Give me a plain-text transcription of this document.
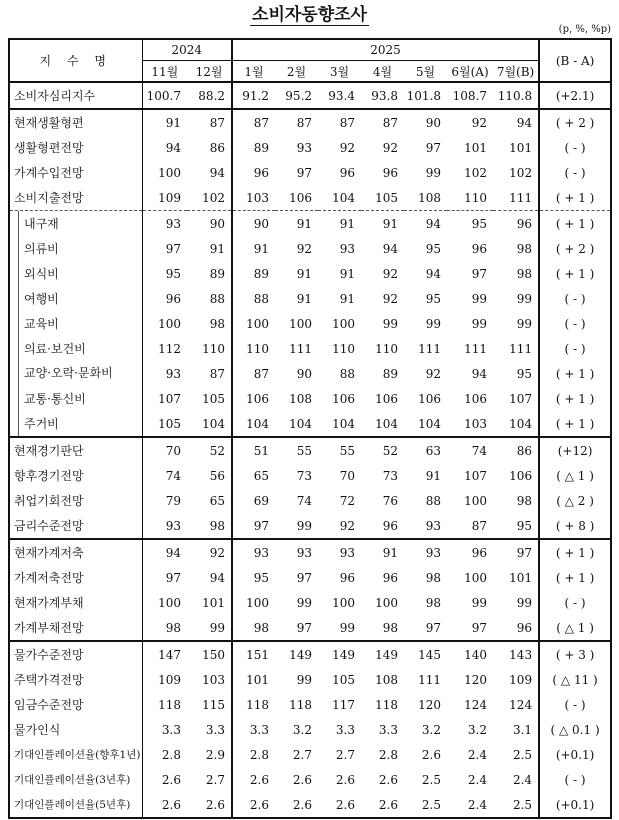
소비자동향조사
(p, %, %p)
지 수 명	2024		2025							(B - A)
	11월	12월	1월	2월	3월	4월	5월	6월(A)	7월(B)	
소비자심리지수	100.7	88.2	91.2	95.2	93.4	93.8	101.8	108.7	110.8	(+2.1)
현재생활형편	91	87	87	87	87	87	90	92	94	( + 2 )
생활형편전망	94	86	89	93	92	92	97	101	101	( - )
가계수입전망	100	94	96	97	96	96	99	102	102	( - )
소비지출전망	109	102	103	106	104	105	108	110	111	( + 1 )
내구재	93	90	90	91	91	91	94	95	96	( + 1 )
의류비	97	91	91	92	93	94	95	96	98	( + 2 )
외식비	95	89	89	91	91	92	94	97	98	( + 1 )
여행비	96	88	88	91	91	92	95	99	99	( - )
교육비	100	98	100	100	100	99	99	99	99	( - )
의료·보건비	112	110	110	111	110	110	111	111	111	( - )
교양·오락·문화비	93	87	87	90	88	89	92	94	95	( + 1 )
교통·통신비	107	105	106	108	106	106	106	106	107	( + 1 )
주거비	105	104	104	104	104	104	104	103	104	( + 1 )
현재경기판단	70	52	51	55	55	52	63	74	86	(+12)
향후경기전망	74	56	65	73	70	73	91	107	106	( △ 1 )
취업기회전망	79	65	69	74	72	76	88	100	98	( △ 2 )
금리수준전망	93	98	97	99	92	96	93	87	95	( + 8 )
현재가계저축	94	92	93	93	93	91	93	96	97	( + 1 )
가계저축전망	97	94	95	97	96	96	98	100	101	( + 1 )
현재가계부채	100	101	100	99	100	100	98	99	99	( - )
가계부채전망	98	99	98	97	99	98	97	97	96	( △ 1 )
물가수준전망	147	150	151	149	149	149	145	140	143	( + 3 )
주택가격전망	109	103	101	99	105	108	111	120	109	( △ 11 )
임금수준전망	118	115	118	118	117	118	120	124	124	( - )
물가인식	3.3	3.3	3.3	3.2	3.3	3.3	3.2	3.2	3.1	( △ 0.1 )
기대인플레이션율(향후1년)	2.8	2.9	2.8	2.7	2.7	2.8	2.6	2.4	2.5	(+0.1)
기대인플레이션율(3년후)	2.6	2.7	2.6	2.6	2.6	2.6	2.5	2.4	2.4	( - )
기대인플레이션율(5년후)	2.6	2.6	2.6	2.6	2.6	2.6	2.5	2.4	2.5	(+0.1)
